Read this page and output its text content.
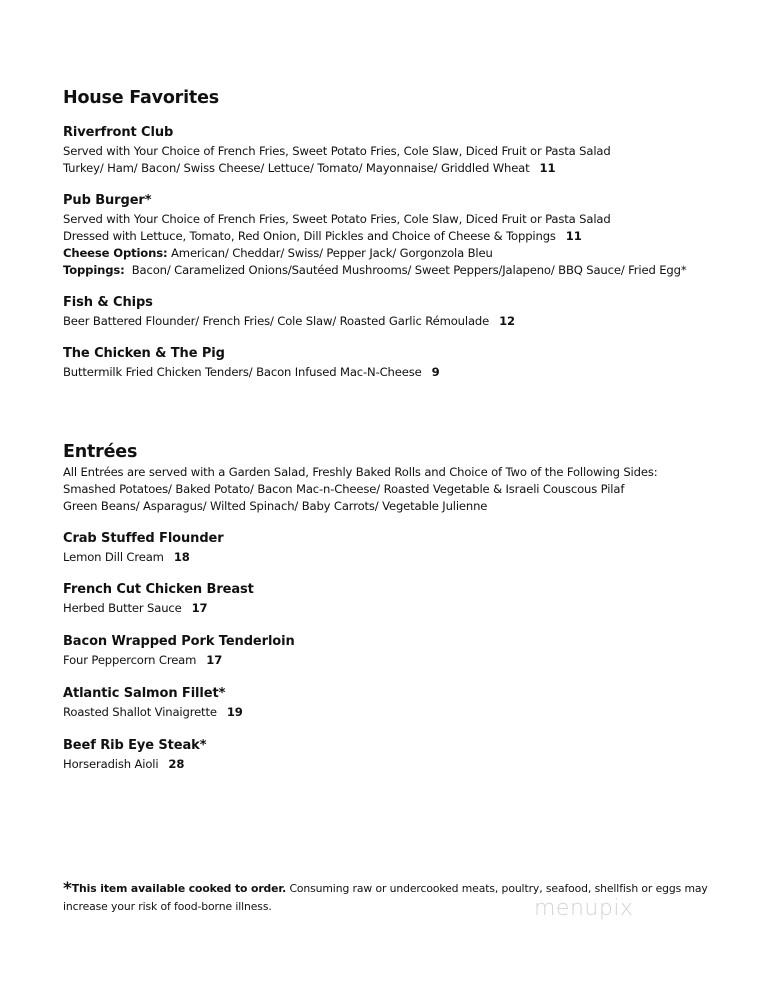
House Favorites
Riverfront Club
Served with Your Choice of French Fries, Sweet Potato Fries, Cole Slaw, Diced Fruit or Pasta Salad
Turkey/ Ham/ Bacon/ Swiss Cheese/ Lettuce/ Tomato/ Mayonnaise/ Griddled Wheat 11
Pub Burger*
Served with Your Choice of French Fries, Sweet Potato Fries, Cole Slaw, Diced Fruit or Pasta Salad
Dressed with Lettuce, Tomato, Red Onion, Dill Pickles and Choice of Cheese & Toppings 11
Cheese Options: American/ Cheddar/ Swiss/ Pepper Jack/ Gorgonzola Bleu
Toppings: Bacon/ Caramelized Onions/Sautéed Mushrooms/ Sweet Peppers/Jalapeno/ BBQ Sauce/ Fried Egg*
Fish & Chips
Beer Battered Flounder/ French Fries/ Cole Slaw/ Roasted Garlic Rémoulade 12
The Chicken & The Pig
Buttermilk Fried Chicken Tenders∕ Bacon Infused Mac-N-Cheese 9
Entrées
All Entrées are served with a Garden Salad, Freshly Baked Rolls and Choice of Two of the Following Sides:
Smashed Potatoes/ Baked Potato/ Bacon Mac-n-Cheese/ Roasted Vegetable & Israeli Couscous Pilaf
Green Beans/ Asparagus/ Wilted Spinach/ Baby Carrots/ Vegetable Julienne
Crab Stuffed Flounder
Lemon Dill Cream 18
French Cut Chicken Breast
Herbed Butter Sauce 17
Bacon Wrapped Pork Tenderloin
Four Peppercorn Cream 17
Atlantic Salmon Fillet*
Roasted Shallot Vinaigrette 19
Beef Rib Eye Steak*
Horseradish Aioli 28
*This item available cooked to order. Consuming raw or undercooked meats, poultry, seafood, shellfish or eggs may increase your risk of food-borne illness.	menupix
